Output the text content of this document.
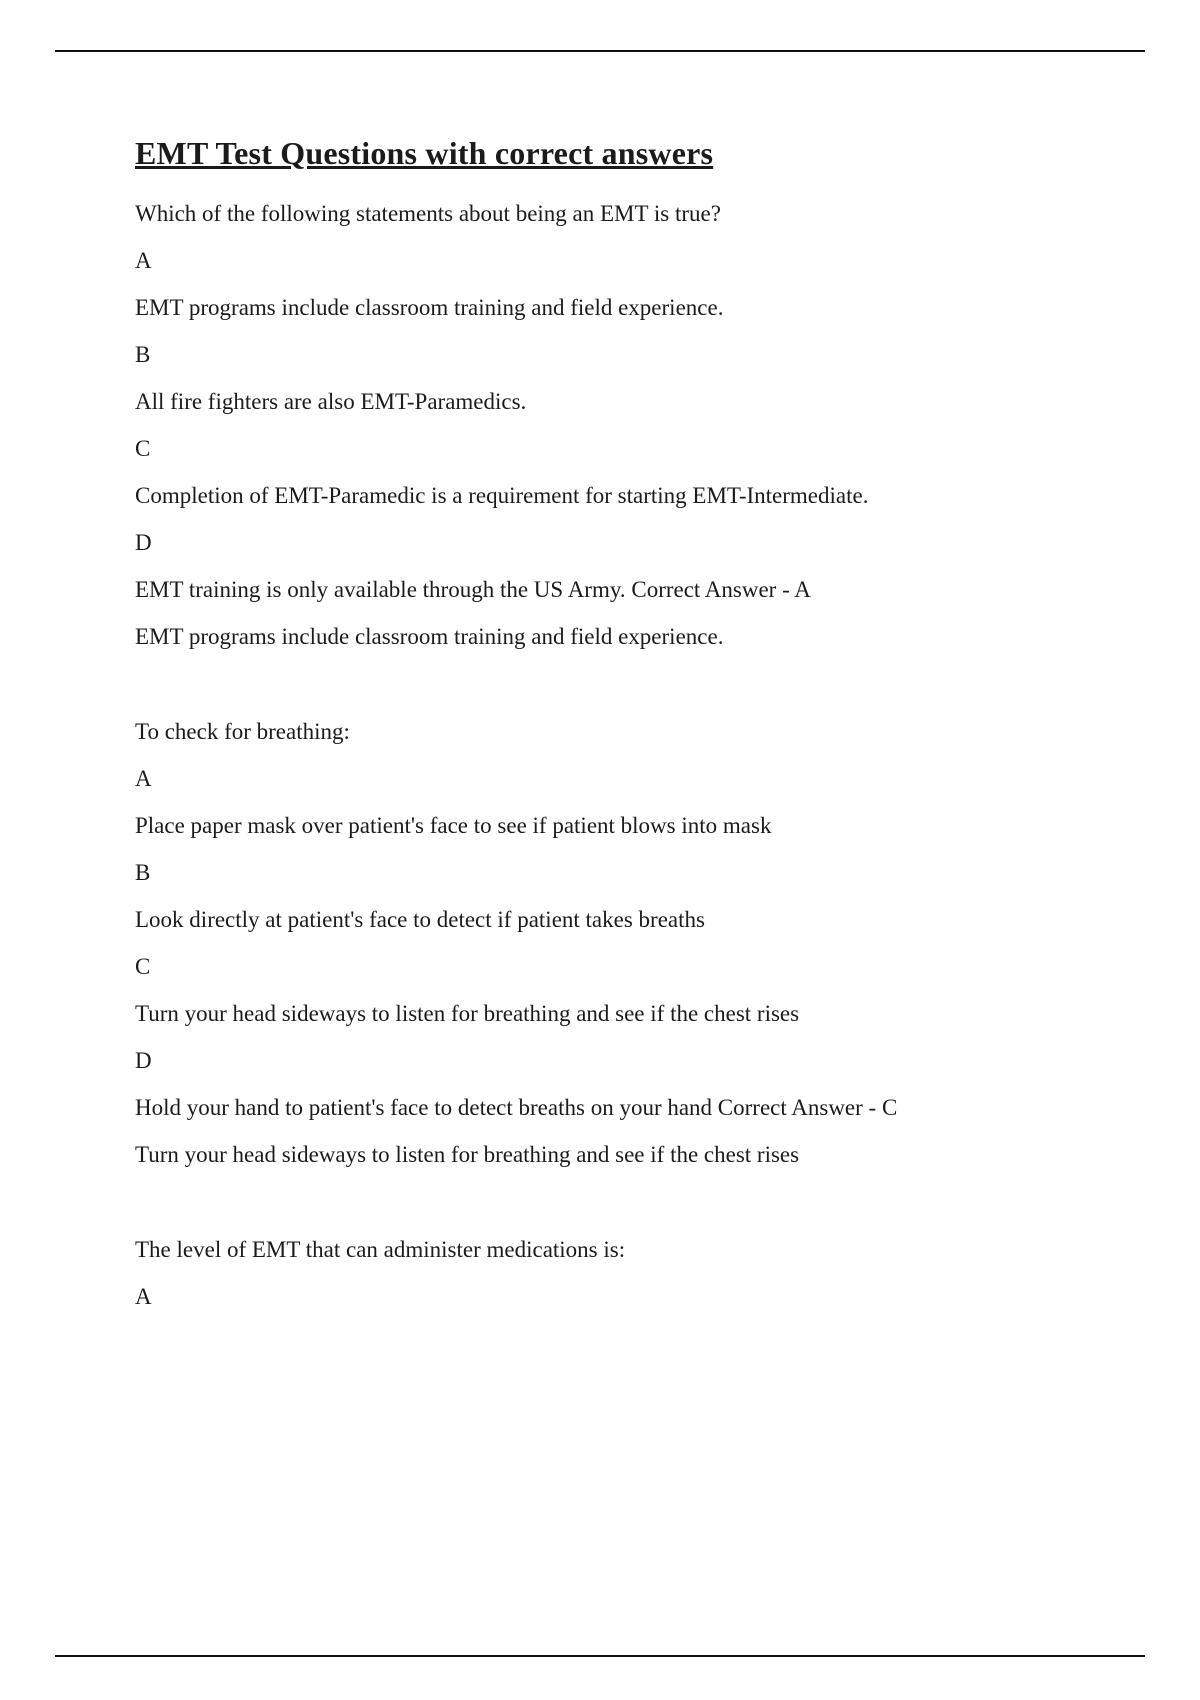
EMT Test Questions with correct answers

Which of the following statements about being an EMT is true?

A

EMT programs include classroom training and field experience.

B

All fire fighters are also EMT-Paramedics.

C

Completion of EMT-Paramedic is a requirement for starting EMT-Intermediate.

D

EMT training is only available through the US Army. Correct Answer - A

EMT programs include classroom training and field experience.

To check for breathing:

A

Place paper mask over patient's face to see if patient blows into mask

B

Look directly at patient's face to detect if patient takes breaths

C

Turn your head sideways to listen for breathing and see if the chest rises

D

Hold your hand to patient's face to detect breaths on your hand Correct Answer - C

Turn your head sideways to listen for breathing and see if the chest rises

The level of EMT that can administer medications is:

A
